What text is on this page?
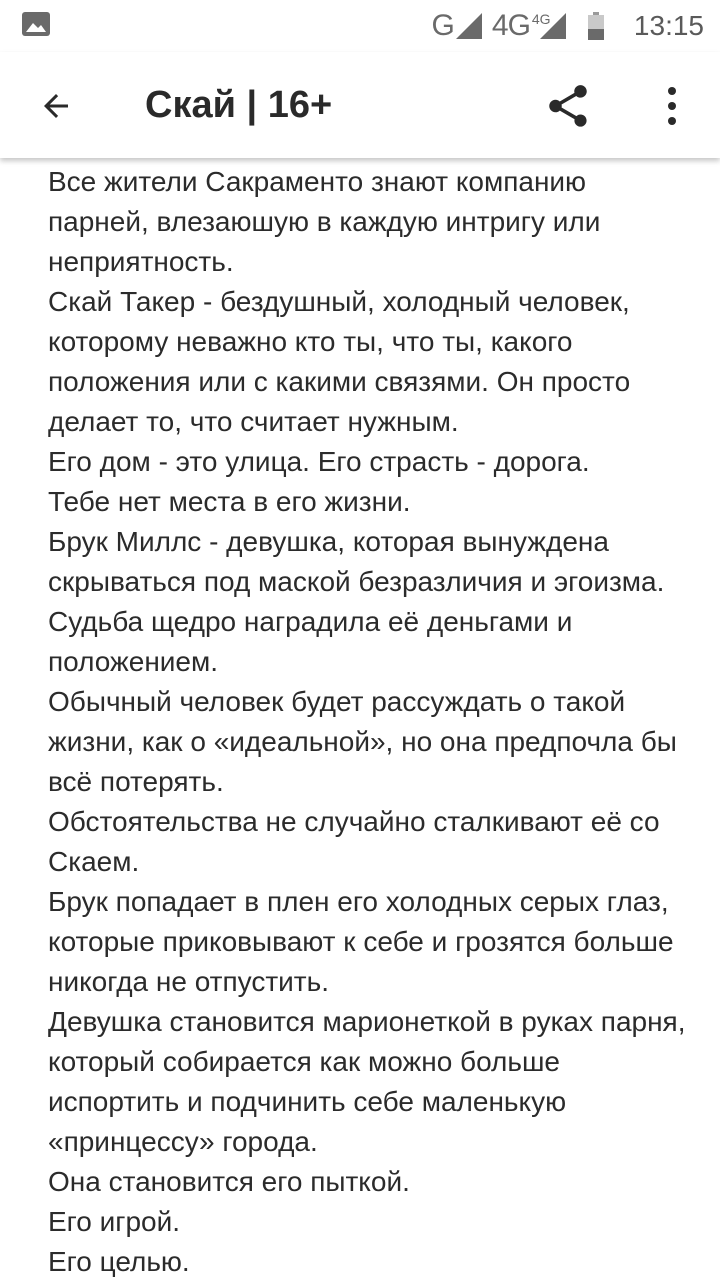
G 4G 4G	13:15
Скай | 16+

Все жители Сакраменто знают компанию парней, влезаюшую в каждую интригу или неприятность.

Скай Такер - бездушный, холодный человек, которому неважно кто ты, что ты, какого положения или с какими связями. Он просто делает то, что считает нужным.

Его дом - это улица. Его страсть - дорога.

Тебе нет места в его жизни.

Брук Миллс - девушка, которая вынуждена скрываться под маской безразличия и эгоизма. Судьба щедро наградила её деньгами и положением.

Обычный человек будет рассуждать о такой жизни, как о «идеальной», но она предпочла бы всё потерять.

Обстоятельства не случайно сталкивают её со Скаем.

Брук попадает в плен его холодных серых глаз, которые приковывают к себе и грозятся больше никогда не отпустить.

Девушка становится марионеткой в руках парня, который собирается как можно больше испортить и подчинить себе маленькую «принцессу» города.

Она становится его пыткой.

Его игрой.

Его целью.
